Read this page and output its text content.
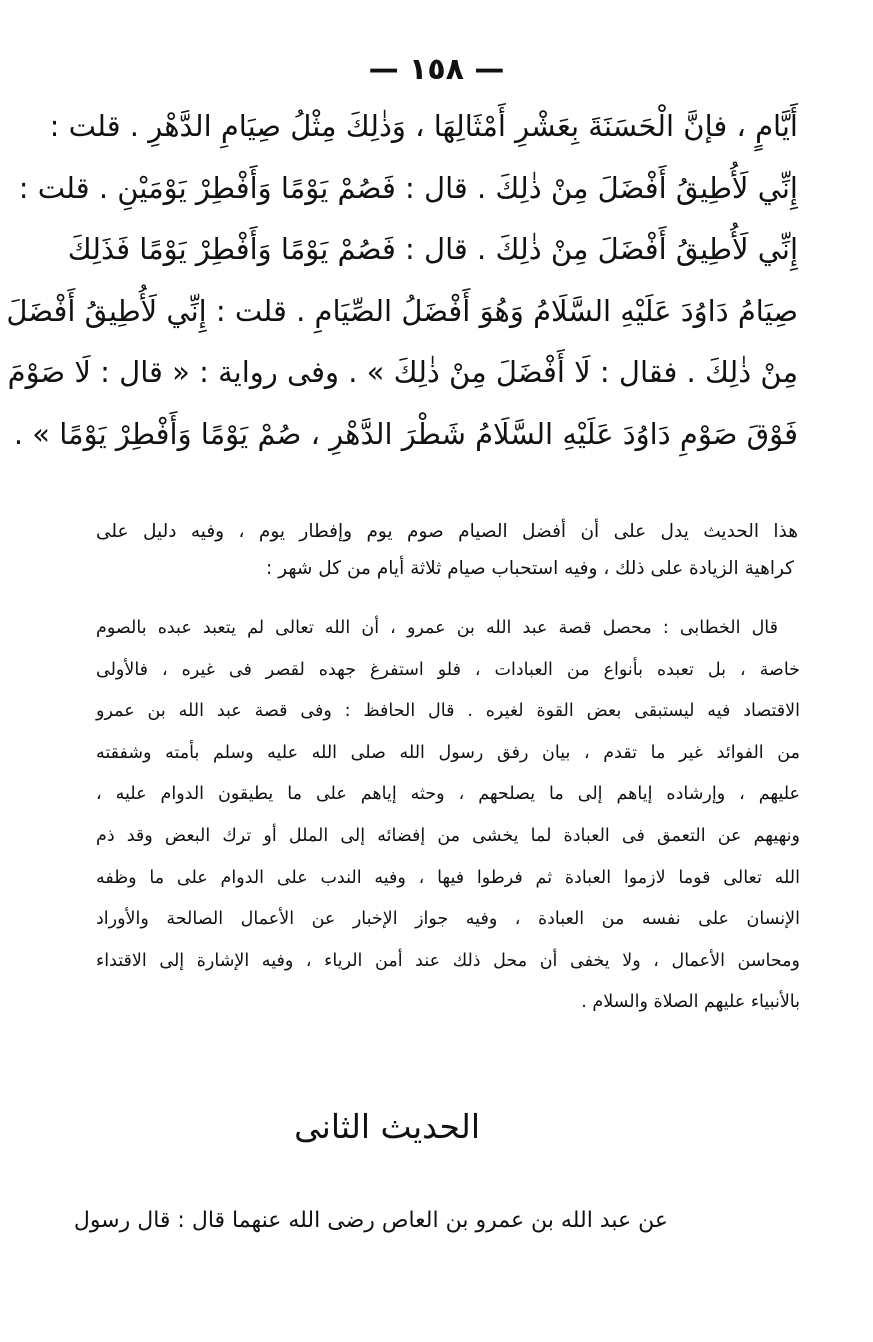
— ١٥٨ —
أَيَّامٍ ، فإنَّ الْحَسَنَةَ بِعَشْرِ أَمْثَالِهَا ، وَذٰلِكَ مِثْلُ صِيَامِ الدَّهْرِ . قلت :
إِنِّي لَأُطِيقُ أَفْضَلَ مِنْ ذٰلِكَ . قال : فَصُمْ يَوْمًا وَأَفْطِرْ يَوْمَيْنِ . قلت :
إِنِّي لَأُطِيقُ أَفْضَلَ مِنْ ذٰلِكَ . قال : فَصُمْ يَوْمًا وَأَفْطِرْ يَوْمًا فَذَلِكَ
صِيَامُ دَاوُدَ عَلَيْهِ السَّلَامُ وَهُوَ أَفْضَلُ الصِّيَامِ . قلت : إِنِّي لَأُطِيقُ أَفْضَلَ
مِنْ ذٰلِكَ . فقال : لَا أَفْضَلَ مِنْ ذٰلِكَ » . وفى رواية : « قال : لَا صَوْمَ
فَوْقَ صَوْمِ دَاوُدَ عَلَيْهِ السَّلَامُ شَطْرَ الدَّهْرِ ، صُمْ يَوْمًا وَأَفْطِرْ يَوْمًا » .
هذا الحديث يدل على أن أفضل الصيام صوم يوم وإفطار يوم ، وفيه دليل على
كراهية الزيادة على ذلك ، وفيه استحباب صيام ثلاثة أيام من كل شهر :
قال الخطابى : محصل قصة عبد الله بن عمرو ، أن الله تعالى لم يتعبد عبده بالصوم
خاصة ، بل تعبده بأنواع من العبادات ، فلو استفرغ جهده لقصر فى غيره ، فالأولى
الاقتصاد فيه ليستبقى بعض القوة لغيره . قال الحافظ : وفى قصة عبد الله بن عمرو
من الفوائد غير ما تقدم ، بيان رفق رسول الله صلى الله عليه وسلم بأمته وشفقته
عليهم ، وإرشاده إياهم إلى ما يصلحهم ، وحثه إياهم على ما يطيقون الدوام عليه ،
ونهيهم عن التعمق فى العبادة لما يخشى من إفضائه إلى الملل أو ترك البعض وقد ذم
الله تعالى قوما لازموا العبادة ثم فرطوا فيها ، وفيه الندب على الدوام على ما وظفه
الإنسان على نفسه من العبادة ، وفيه جواز الإخبار عن الأعمال الصالحة والأوراد
ومحاسن الأعمال ، ولا يخفى أن محل ذلك عند أمن الرياء ، وفيه الإشارة إلى الاقتداء
بالأنبياء عليهم الصلاة والسلام .
الحديث الثانى
عن عبد الله بن عمرو بن العاص رضى الله عنهما قال : قال رسول
